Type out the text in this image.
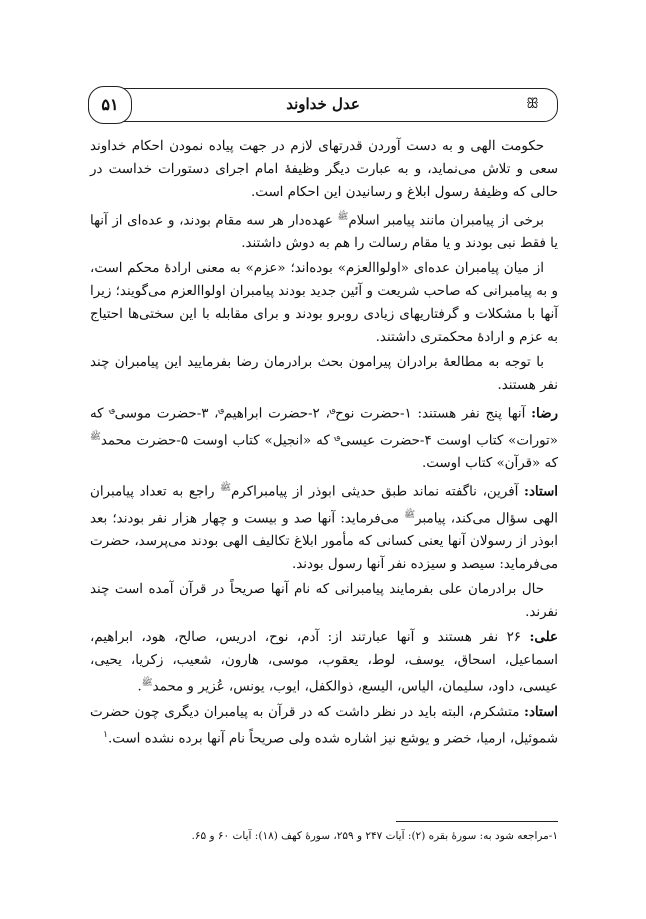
عدل خداوند	ꕥ
۵۱

حکومت الهی و به دست آوردن قدرتهای لازم در جهت پیاده نمودن احکام خداوند سعی و تلاش می‌نماید، و به عبارت دیگر وظیفهٔ امام اجرای دستورات خداست در حالی که وظیفهٔ رسول ابلاغ و رسانیدن این احکام است.

برخی از پیامبران مانند پیامبر اسلام$^ﷺ$ عهده‌دار هر سه مقام بودند، و عده‌ای از آنها یا فقط نبی بودند و یا مقام رسالت را هم به دوش داشتند.

از میان پیامبران عده‌ای «اولواالعزم» بوده‌اند؛ «عزم» به معنی ارادهٔ محکم است، و به پیامبرانی که صاحب شریعت و آئین جدید بودند پیامبران اولواالعزم می‌گویند؛ زیرا آنها با مشکلات و گرفتاریهای زیادی روبرو بودند و برای مقابله با این سختی‌ها احتیاج به عزم و ارادهٔ محکمتری داشتند.

با توجه به مطالعهٔ برادران پیرامون بحث برادرمان رضا بفرمایید این پیامبران چند نفر هستند.

رضا: آنها پنج نفر هستند: ۱-حضرت نوح؈، ۲-حضرت ابراهیم؈، ۳-حضرت موسی؈ که «تورات» کتاب اوست ۴-حضرت عیسی؈ که «انجیل» کتاب اوست ۵-حضرت محمد$^ﷺ$ که «قرآن» کتاب اوست.

استاد: آفرین، ناگفته نماند طبق حدیثی ابوذر از پیامبراکرم$^ﷺ$ راجع به تعداد پیامبران الهی سؤال می‌کند، پیامبر$^ﷺ$ می‌فرماید: آنها صد و بیست و چهار هزار نفر بودند؛ بعد ابوذر از رسولان آنها یعنی کسانی که مأمور ابلاغ تکالیف الهی بودند می‌پرسد، حضرت می‌فرماید: سیصد و سیزده نفر آنها رسول بودند.

حال برادرمان علی بفرمایند پیامبرانی که نام آنها صریحاً در قرآن آمده است چند نفرند.

علی: ۲۶ نفر هستند و آنها عبارتند از: آدم، نوح، ادریس، صالح، هود، ابراهیم، اسماعیل، اسحاق، یوسف، لوط، یعقوب، موسی، هارون، شعیب، زکریا، یحیی، عیسی، داود، سلیمان، الیاس، الیسع، ذوالکفل، ایوب، یونس، عُزیر و محمد$^ﷺ$.

استاد: متشکرم، البته باید در نظر داشت که در قرآن به پیامبران دیگری چون حضرت شموئیل، ارمیا، خضر و یوشع نیز اشاره شده ولی صریحاً نام آنها برده نشده است.$^۱$

۱-مراجعه شود به: سورهٔ بقره (۲): آیات ۲۴۷ و ۲۵۹، سورهٔ کهف (۱۸): آیات ۶۰ و ۶۵.
